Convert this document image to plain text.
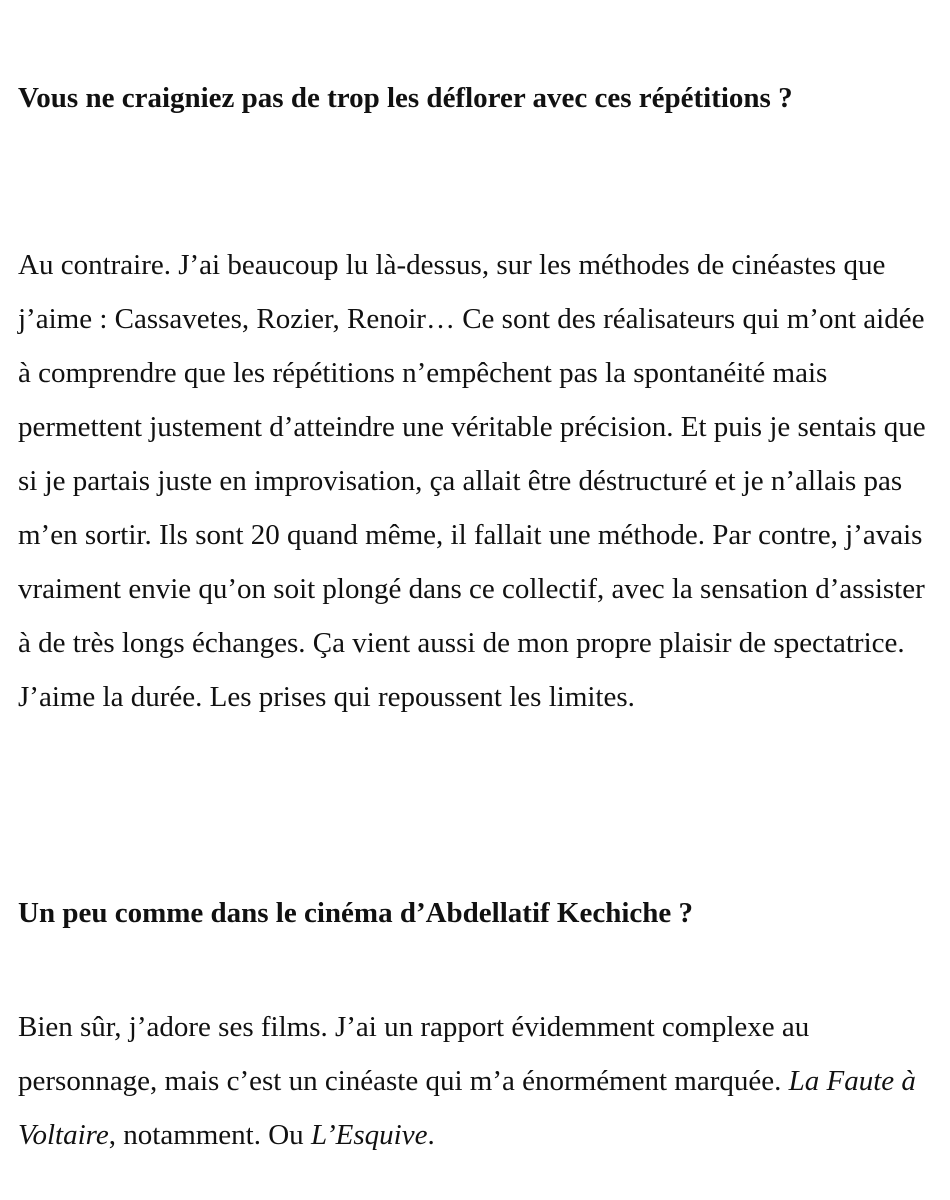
Vous ne craigniez pas de trop les déflorer avec ces répétitions ?

Au contraire. J’ai beaucoup lu là-dessus, sur les méthodes de cinéastes que j’aime : Cassavetes, Rozier, Renoir… Ce sont des réalisateurs qui m’ont aidée à comprendre que les répétitions n’empêchent pas la spontanéité mais permettent justement d’atteindre une véritable précision. Et puis je sentais que si je partais juste en improvisation, ça allait être déstructuré et je n’allais pas m’en sortir. Ils sont 20 quand même, il fallait une méthode. Par contre, j’avais vraiment envie qu’on soit plongé dans ce collectif, avec la sensation d’assister à de très longs échanges. Ça vient aussi de mon propre plaisir de spectatrice. J’aime la durée. Les prises qui repoussent les limites.

Un peu comme dans le cinéma d’Abdellatif Kechiche ?

Bien sûr, j’adore ses films. J’ai un rapport évidemment complexe au personnage, mais c’est un cinéaste qui m’a énormément marquée. La Faute à Voltaire, notamment. Ou L’Esquive.
